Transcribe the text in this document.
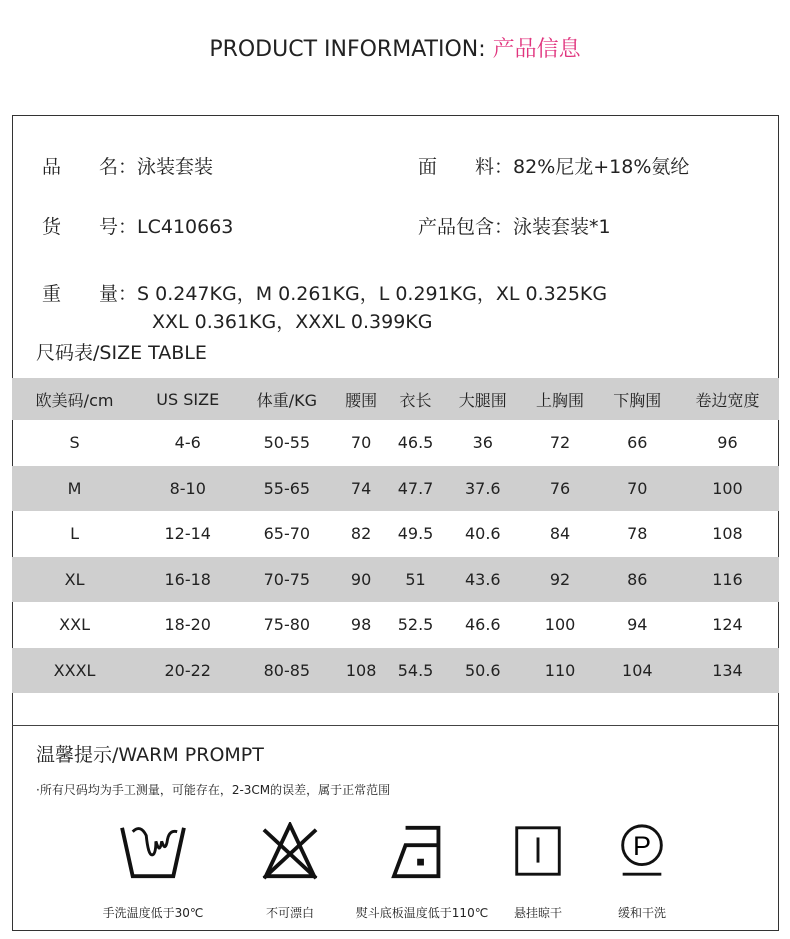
PRODUCT INFORMATION: 产品信息
品　　名：泳装套装	面　　料：82%尼龙+18%氨纶
货　　号：LC410663	产品包含：泳装套装*1
重　　量：S 0.247KG，M 0.261KG，L 0.291KG，XL 0.325KG
XXL 0.361KG，XXXL 0.399KG
尺码表/SIZE TABLE
欧美码/cm	US SIZE	体重/KG	腰围	衣长	大腿围	上胸围	下胸围	卷边宽度
S	4-6	50-55	70	46.5	36	72	66	96
M	8-10	55-65	74	47.7	37.6	76	70	100
L	12-14	65-70	82	49.5	40.6	84	78	108
XL	16-18	70-75	90	51	43.6	92	86	116
XXL	18-20	75-80	98	52.5	46.6	100	94	124
XXXL	20-22	80-85	108	54.5	50.6	110	104	134
温馨提示/WARM PROMPT
·所有尺码均为手工测量，可能存在，2-3CM的误差，属于正常范围
手洗温度低于30℃	不可漂白	熨斗底板温度低于110℃	悬挂晾干
P
缓和干洗
